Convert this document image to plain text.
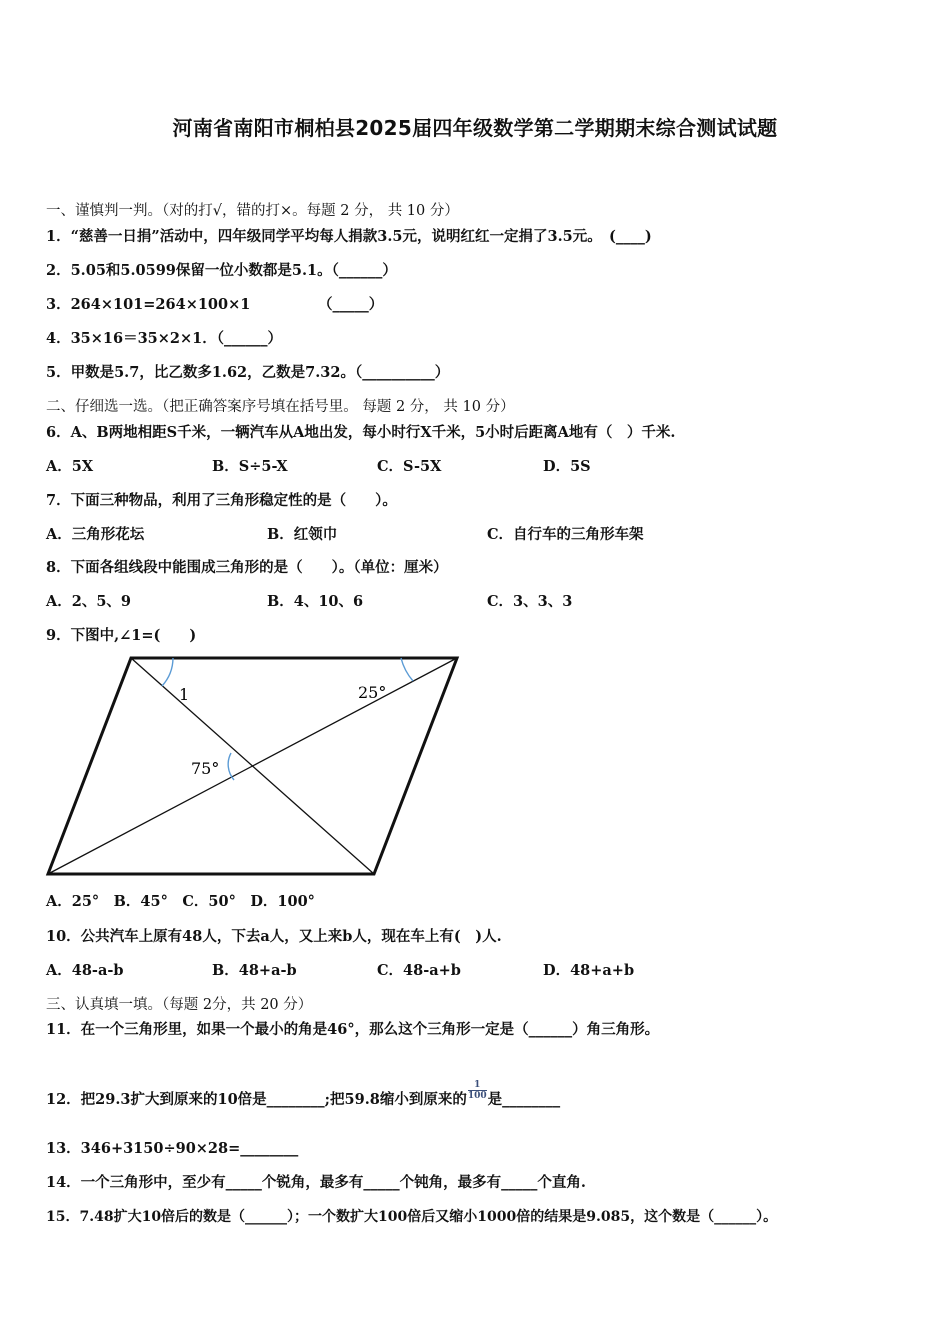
河南省南阳市桐柏县2025届四年级数学第二学期期末综合测试试题
一、谨慎判一判。（对的打√，错的打×。每题 2 分， 共 10 分）
1．“慈善一日捐”活动中，四年级同学平均每人捐款3.5元，说明红红一定捐了3.5元。　(____)
2．5.05和5.0599保留一位小数都是5.1。（______）
3．264×101=264×100×1	（_____）
4．35×16＝35×2×1．（______）
5．甲数是5.7，比乙数多1.62，乙数是7.32。（__________）
二、仔细选一选。（把正确答案序号填在括号里。 每题 2 分， 共 10 分）
6．A、B两地相距S千米，一辆汽车从A地出发，每小时行X千米，5小时后距离A地有（　）千米.
A．5X	B．S÷5-X	C．S-5X	D．5S
7．下面三种物品，利用了三角形稳定性的是（　　）。
A．三角形花坛	B．红领巾	C．自行车的三角形车架
8．下面各组线段中能围成三角形的是（　　）。（单位：厘米）
A．2、5、9	B．4、10、6	C．3、3、3
9．下图中,∠1=(　　)
1	25°
75°
A．25°　B．45°　C．50°　D．100°
10．公共汽车上原有48人，下去a人，又上来b人，现在车上有(　)人.
A．48-a-b	B．48+a-b	C．48-a+b	D．48+a+b
三、认真填一填。（每题 2分，共 20 分）
11．在一个三角形里，如果一个最小的角是46°，那么这个三角形一定是（______）角三角形。
12．把29.3扩大到原来的10倍是________;把59.8缩小到原来的 $\frac{1}{100}$ 是________
13．346+3150÷90×28=________
14．一个三角形中，至少有_____个锐角，最多有_____个钝角，最多有_____个直角.
15．7.48扩大10倍后的数是（______）；一个数扩大100倍后又缩小1000倍的结果是9.085，这个数是（______）。
